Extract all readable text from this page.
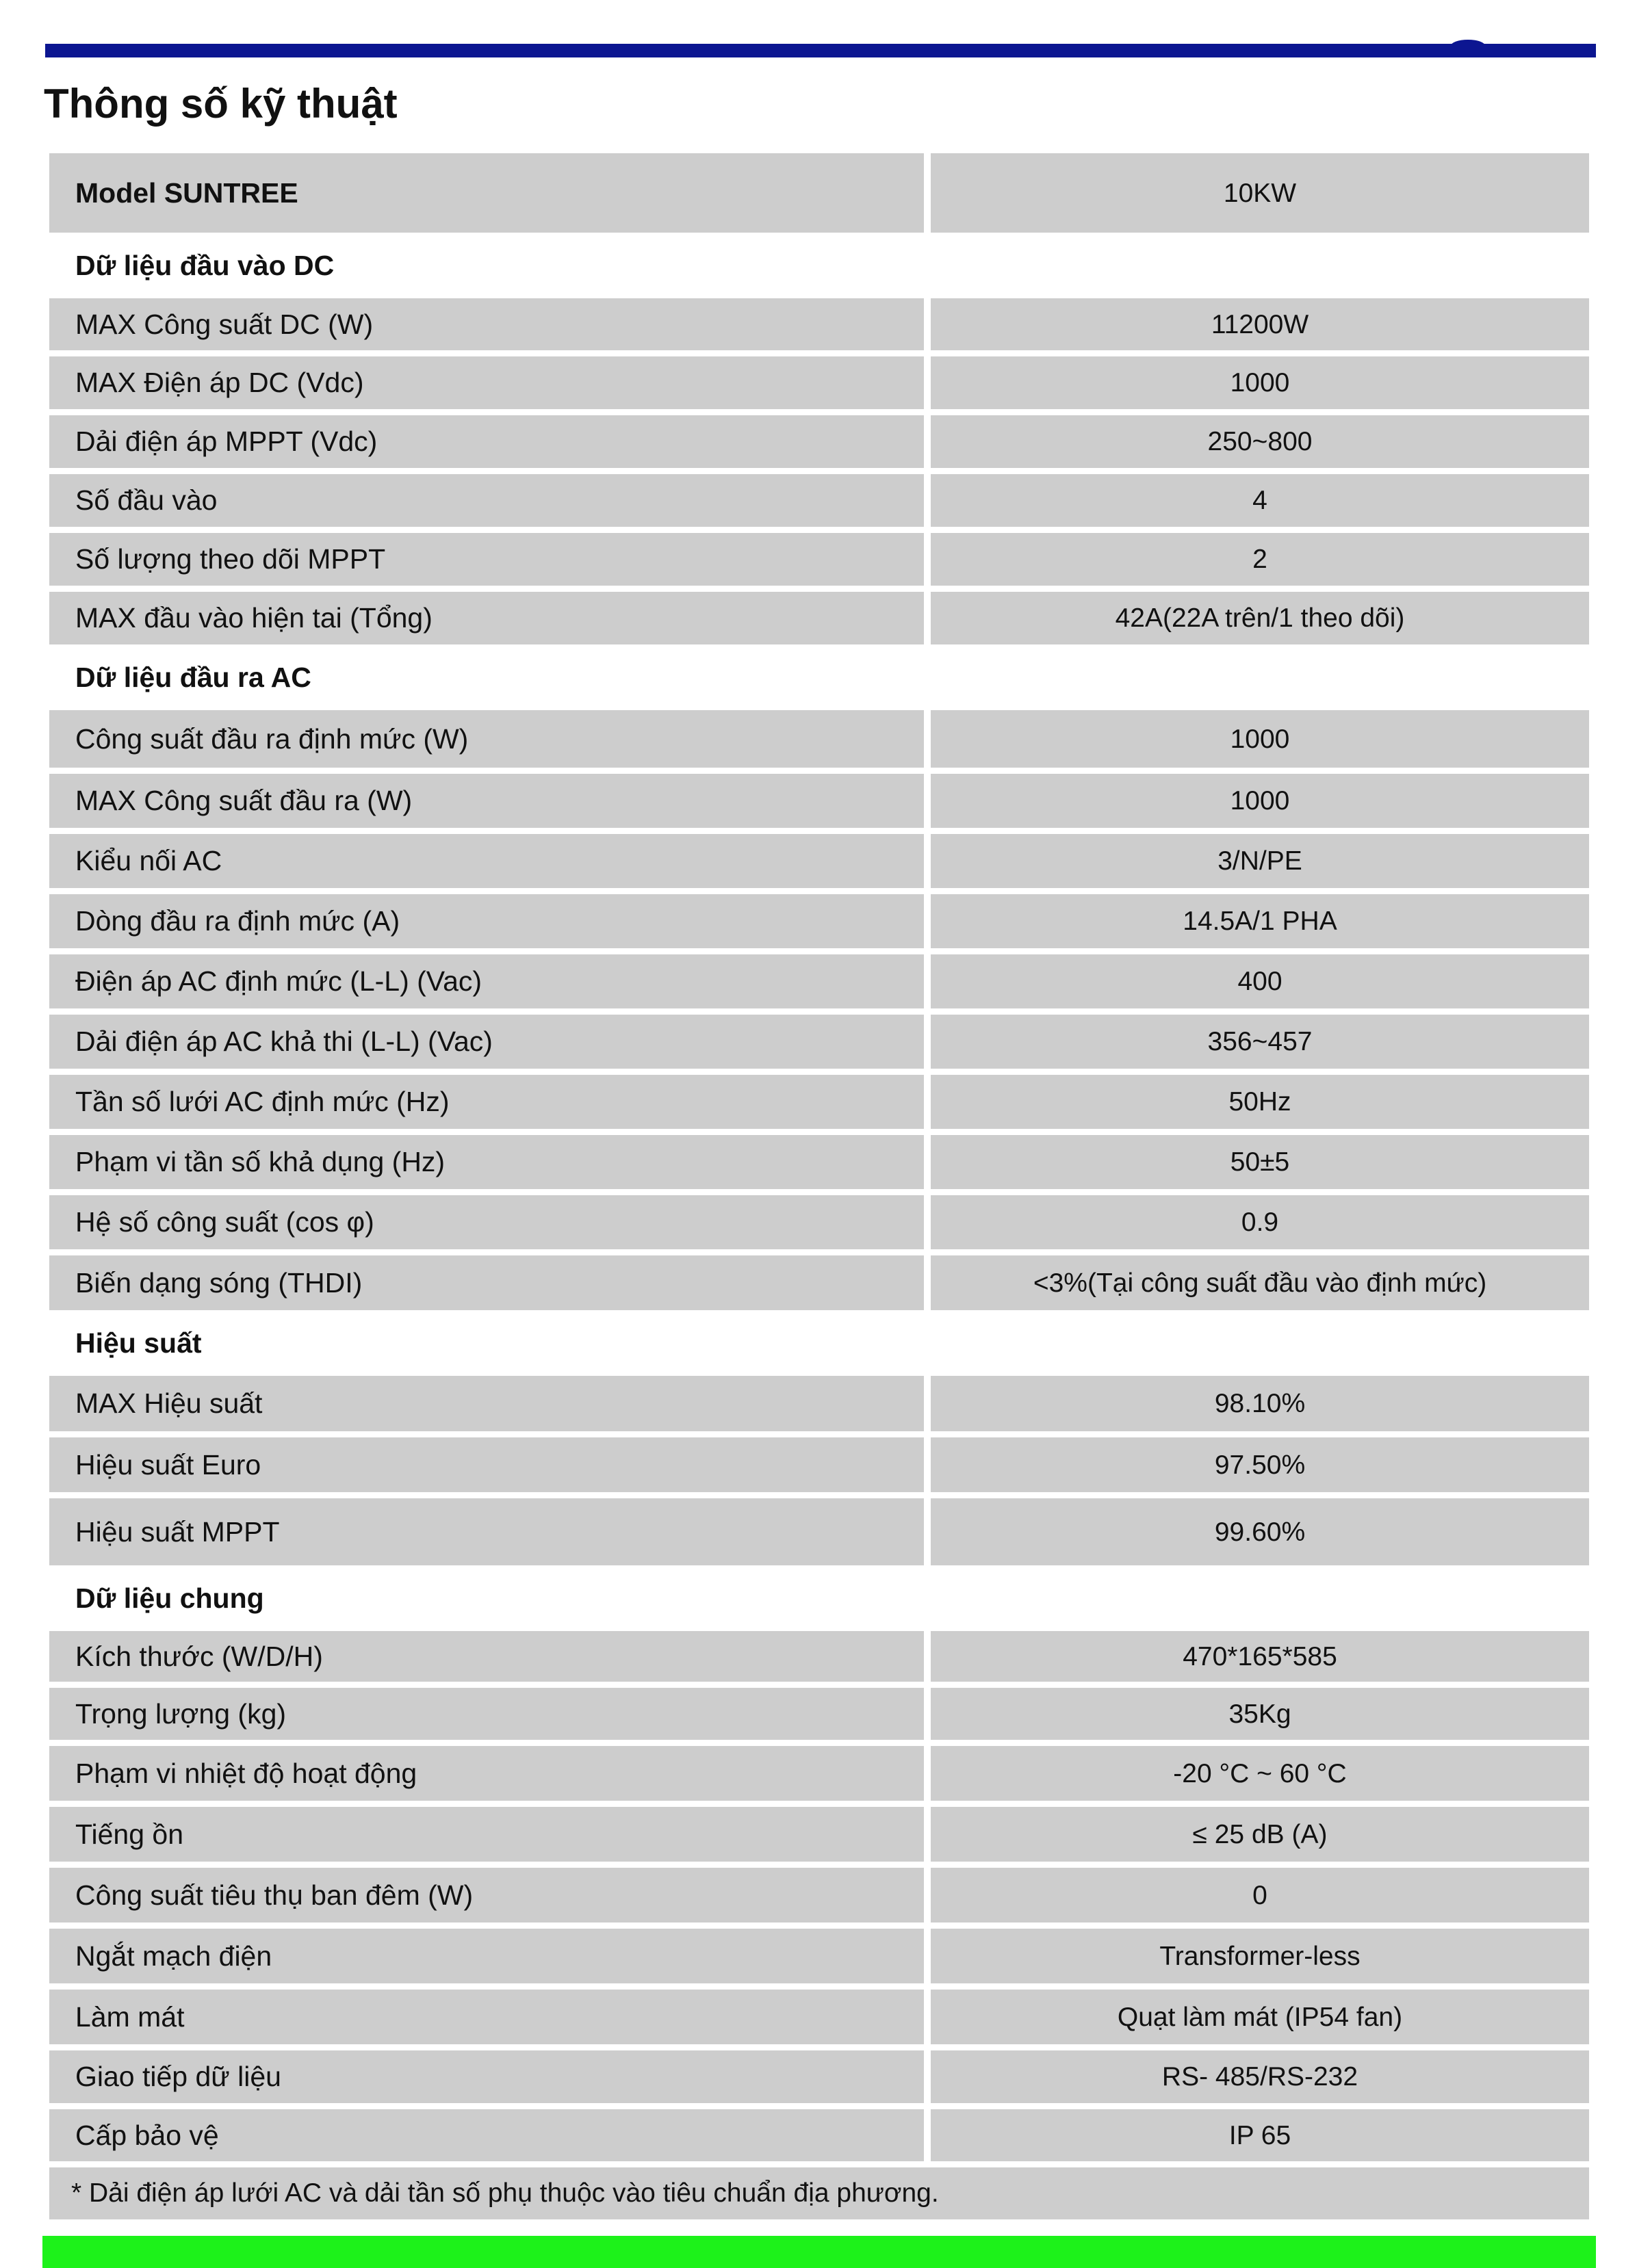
Thông số kỹ thuật
Model SUNTREE	10KW
Dữ liệu đầu vào DC
MAX Công suất DC (W)	11200W
MAX Điện áp DC (Vdc)	1000
Dải điện áp MPPT (Vdc)	250~800
Số đầu vào	4
Số lượng theo dõi MPPT	2
MAX đầu vào hiện tai (Tổng)	42A(22A trên/1 theo dõi)
Dữ liệu đầu ra AC
Công suất đầu ra định mức (W)	1000
MAX Công suất đầu ra (W)	1000
Kiểu nối AC	3/N/PE
Dòng đầu ra định mức (A)	14.5A/1 PHA
Điện áp AC định mức (L-L) (Vac)	400
Dải điện áp AC khả thi (L-L) (Vac)	356~457
Tần số lưới AC định mức (Hz)	50Hz
Phạm vi tần số khả dụng (Hz)	50±5
Hệ số công suất (cos φ)	0.9
Biến dạng sóng (THDI)	<3%(Tại công suất đầu vào định mức)
Hiệu suất
MAX Hiệu suất	98.10%
Hiệu suất Euro	97.50%
Hiệu suất MPPT	99.60%
Dữ liệu chung
Kích thước (W/D/H)	470*165*585
Trọng lượng (kg)	35Kg
Phạm vi nhiệt độ hoạt động	-20 °C ~ 60 °C
Tiếng ồn	≤ 25 dB (A)
Công suất tiêu thụ ban đêm (W)	0
Ngắt mạch điện	Transformer-less
Làm mát	Quạt làm mát (IP54 fan)
Giao tiếp dữ liệu	RS- 485/RS-232
Cấp bảo vệ	IP 65
* Dải điện áp lưới AC và dải tần số phụ thuộc vào tiêu chuẩn địa phương.
